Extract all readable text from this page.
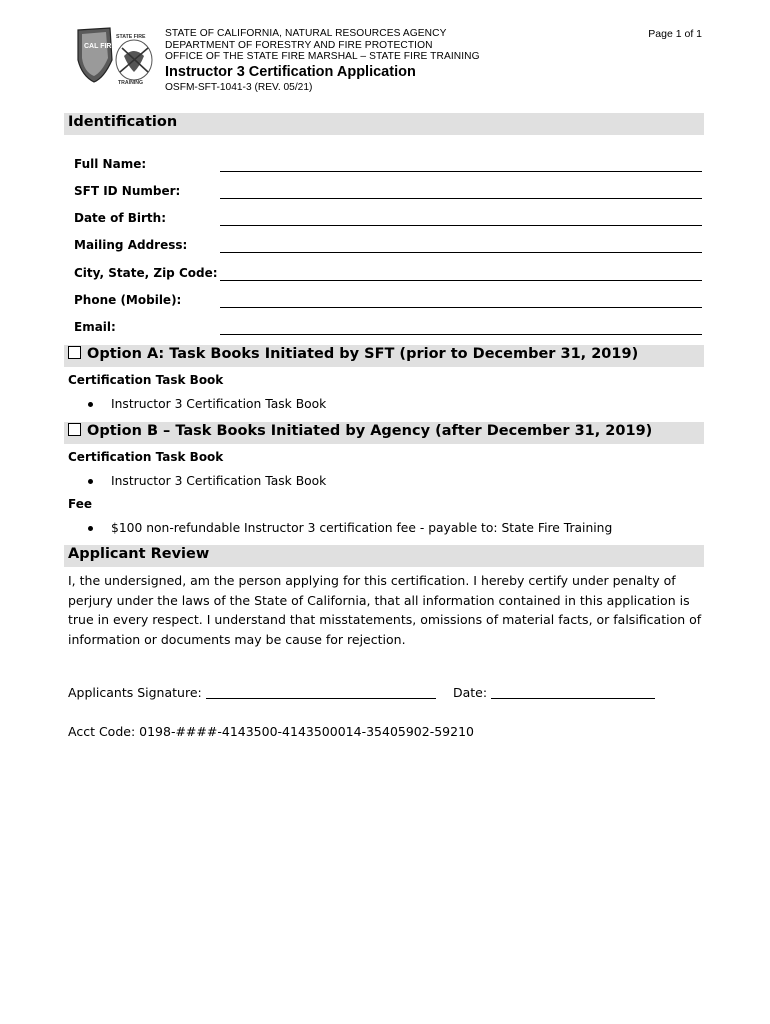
CAL FIRE
STATE FIRE
TRAINING
STATE OF CALIFORNIA, NATURAL RESOURCES AGENCY
DEPARTMENT OF FORESTRY AND FIRE PROTECTION
OFFICE OF THE STATE FIRE MARSHAL – STATE FIRE TRAINING
Instructor 3 Certification Application
OSFM-SFT-1041-3 (REV. 05/21)
Page 1 of 1
Identification
Full Name:
SFT ID Number:
Date of Birth:
Mailing Address:
City, State, Zip Code:
Phone (Mobile):
Email:
Option A: Task Books Initiated by SFT (prior to December 31, 2019)
Certification Task Book
Instructor 3 Certification Task Book
Option B – Task Books Initiated by Agency (after December 31, 2019)
Certification Task Book
Instructor 3 Certification Task Book
Fee
$100 non-refundable Instructor 3 certification fee - payable to: State Fire Training
Applicant Review
I, the undersigned, am the person applying for this certification. I hereby certify under penalty of
perjury under the laws of the State of California, that all information contained in this application is
true in every respect. I understand that misstatements, omissions of material facts, or falsification of
information or documents may be cause for rejection.
Applicants Signature:	Date:
Acct Code: 0198-####-4143500-4143500014-35405902-59210
